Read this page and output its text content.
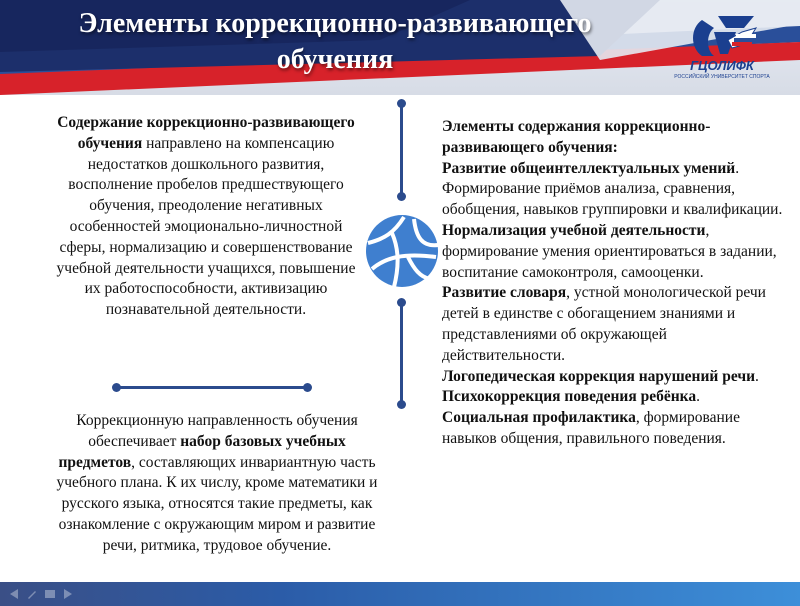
Элементы коррекционно-развивающего
обучения	ГЦОЛИФК
РОССИЙСКИЙ УНИВЕРСИТЕТ СПОРТА
Содержание коррекционно-развивающего обучения направлено на компенсацию недостатков дошкольного развития, восполнение пробелов предшествующего обучения, преодоление негативных особенностей эмоционально-личностной сферы, нормализацию и совершенствование учебной деятельности учащихся, повышение их работоспособности, активизацию познавательной деятельности.
Коррекционную направленность обучения обеспечивает набор базовых учебных предметов, составляющих инвариантную часть учебного плана. К их числу, кроме математики и русского языка, относятся такие предметы, как ознакомление с окружающим миром и развитие речи, ритмика, трудовое обучение.

Элементы содержания коррекционно-развивающего обучения:

Развитие общеинтеллектуальных умений. Формирование приёмов анализа, сравнения, обобщения, навыков группировки и квалификации.

Нормализация учебной деятельности, формирование умения ориентироваться в задании, воспитание самоконтроля, самооценки.

Развитие словаря, устной монологической речи детей в единстве с обогащением знаниями и представлениями об окружающей действительности.

Логопедическая коррекция нарушений речи.

Психокоррекция поведения ребёнка.

Социальная профилактика, формирование навыков общения, правильного поведения.
